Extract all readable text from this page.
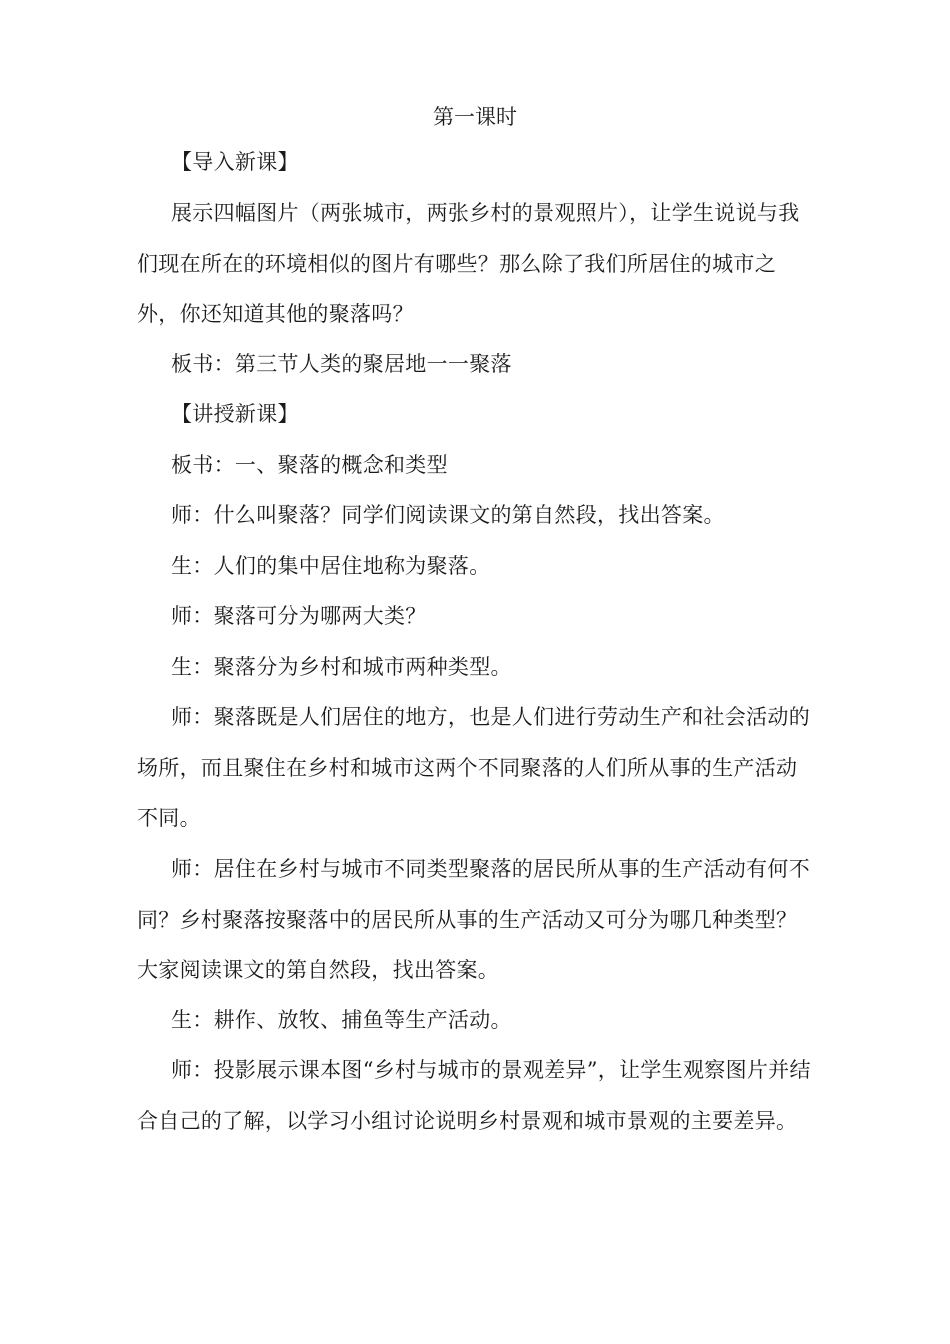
第一课时
【导入新课】
展示四幅图片（两张城市，两张乡村的景观照片），让学生说说与我们现在所在的环境相似的图片有哪些？那么除了我们所居住的城市之外，你还知道其他的聚落吗？
板书：第三节人类的聚居地一一聚落
【讲授新课】
板书：一、聚落的概念和类型
师：什么叫聚落？同学们阅读课文的第自然段，找出答案。
生：人们的集中居住地称为聚落。
师：聚落可分为哪两大类？
生：聚落分为乡村和城市两种类型。
师：聚落既是人们居住的地方，也是人们进行劳动生产和社会活动的场所，而且聚住在乡村和城市这两个不同聚落的人们所从事的生产活动不同。
师：居住在乡村与城市不同类型聚落的居民所从事的生产活动有何不同？乡村聚落按聚落中的居民所从事的生产活动又可分为哪几种类型？大家阅读课文的第自然段，找出答案。
生：耕作、放牧、捕鱼等生产活动。
师：投影展示课本图“乡村与城市的景观差异”，让学生观察图片并结合自己的了解，以学习小组讨论说明乡村景观和城市景观的主要差异。
